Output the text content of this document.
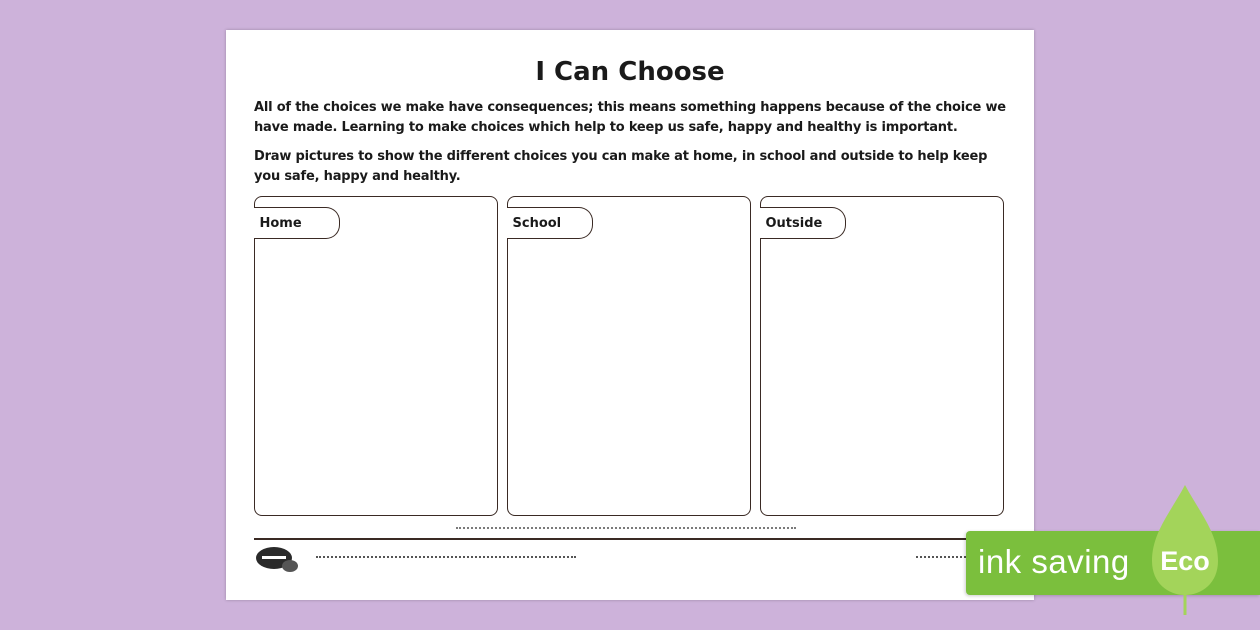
I Can Choose

All of the choices we make have consequences; this means something happens because of the choice we have made. Learning to make choices which help to keep us safe, happy and healthy is important.

Draw pictures to show the different choices you can make at home, in school and outside to help keep you safe, happy and healthy.

Home	School	Outside
ink saving	Eco
